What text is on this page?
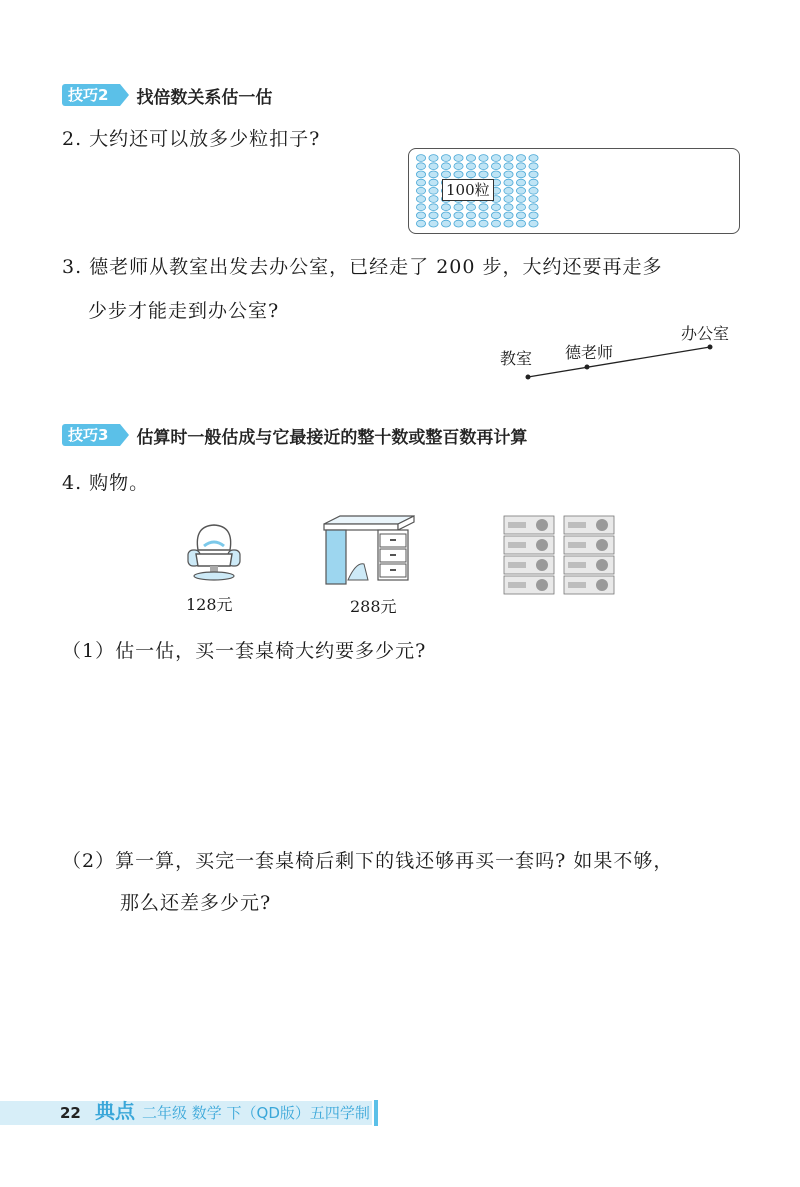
技巧2	找倍数关系估一估
2. 大约还可以放多少粒扣子?
100粒
3. 德老师从教室出发去办公室，已经走了 200 步，大约还要再走多
少步才能走到办公室?
教室 德老师
办公室
技巧3	估算时一般估成与它最接近的整十数或整百数再计算
4. 购物。
128元	288元
（1）估一估，买一套桌椅大约要多少元?
（2）算一算，买完一套桌椅后剩下的钱还够再买一套吗? 如果不够，
那么还差多少元?
22 典点 二年级 数学 下（QD版）五四学制
